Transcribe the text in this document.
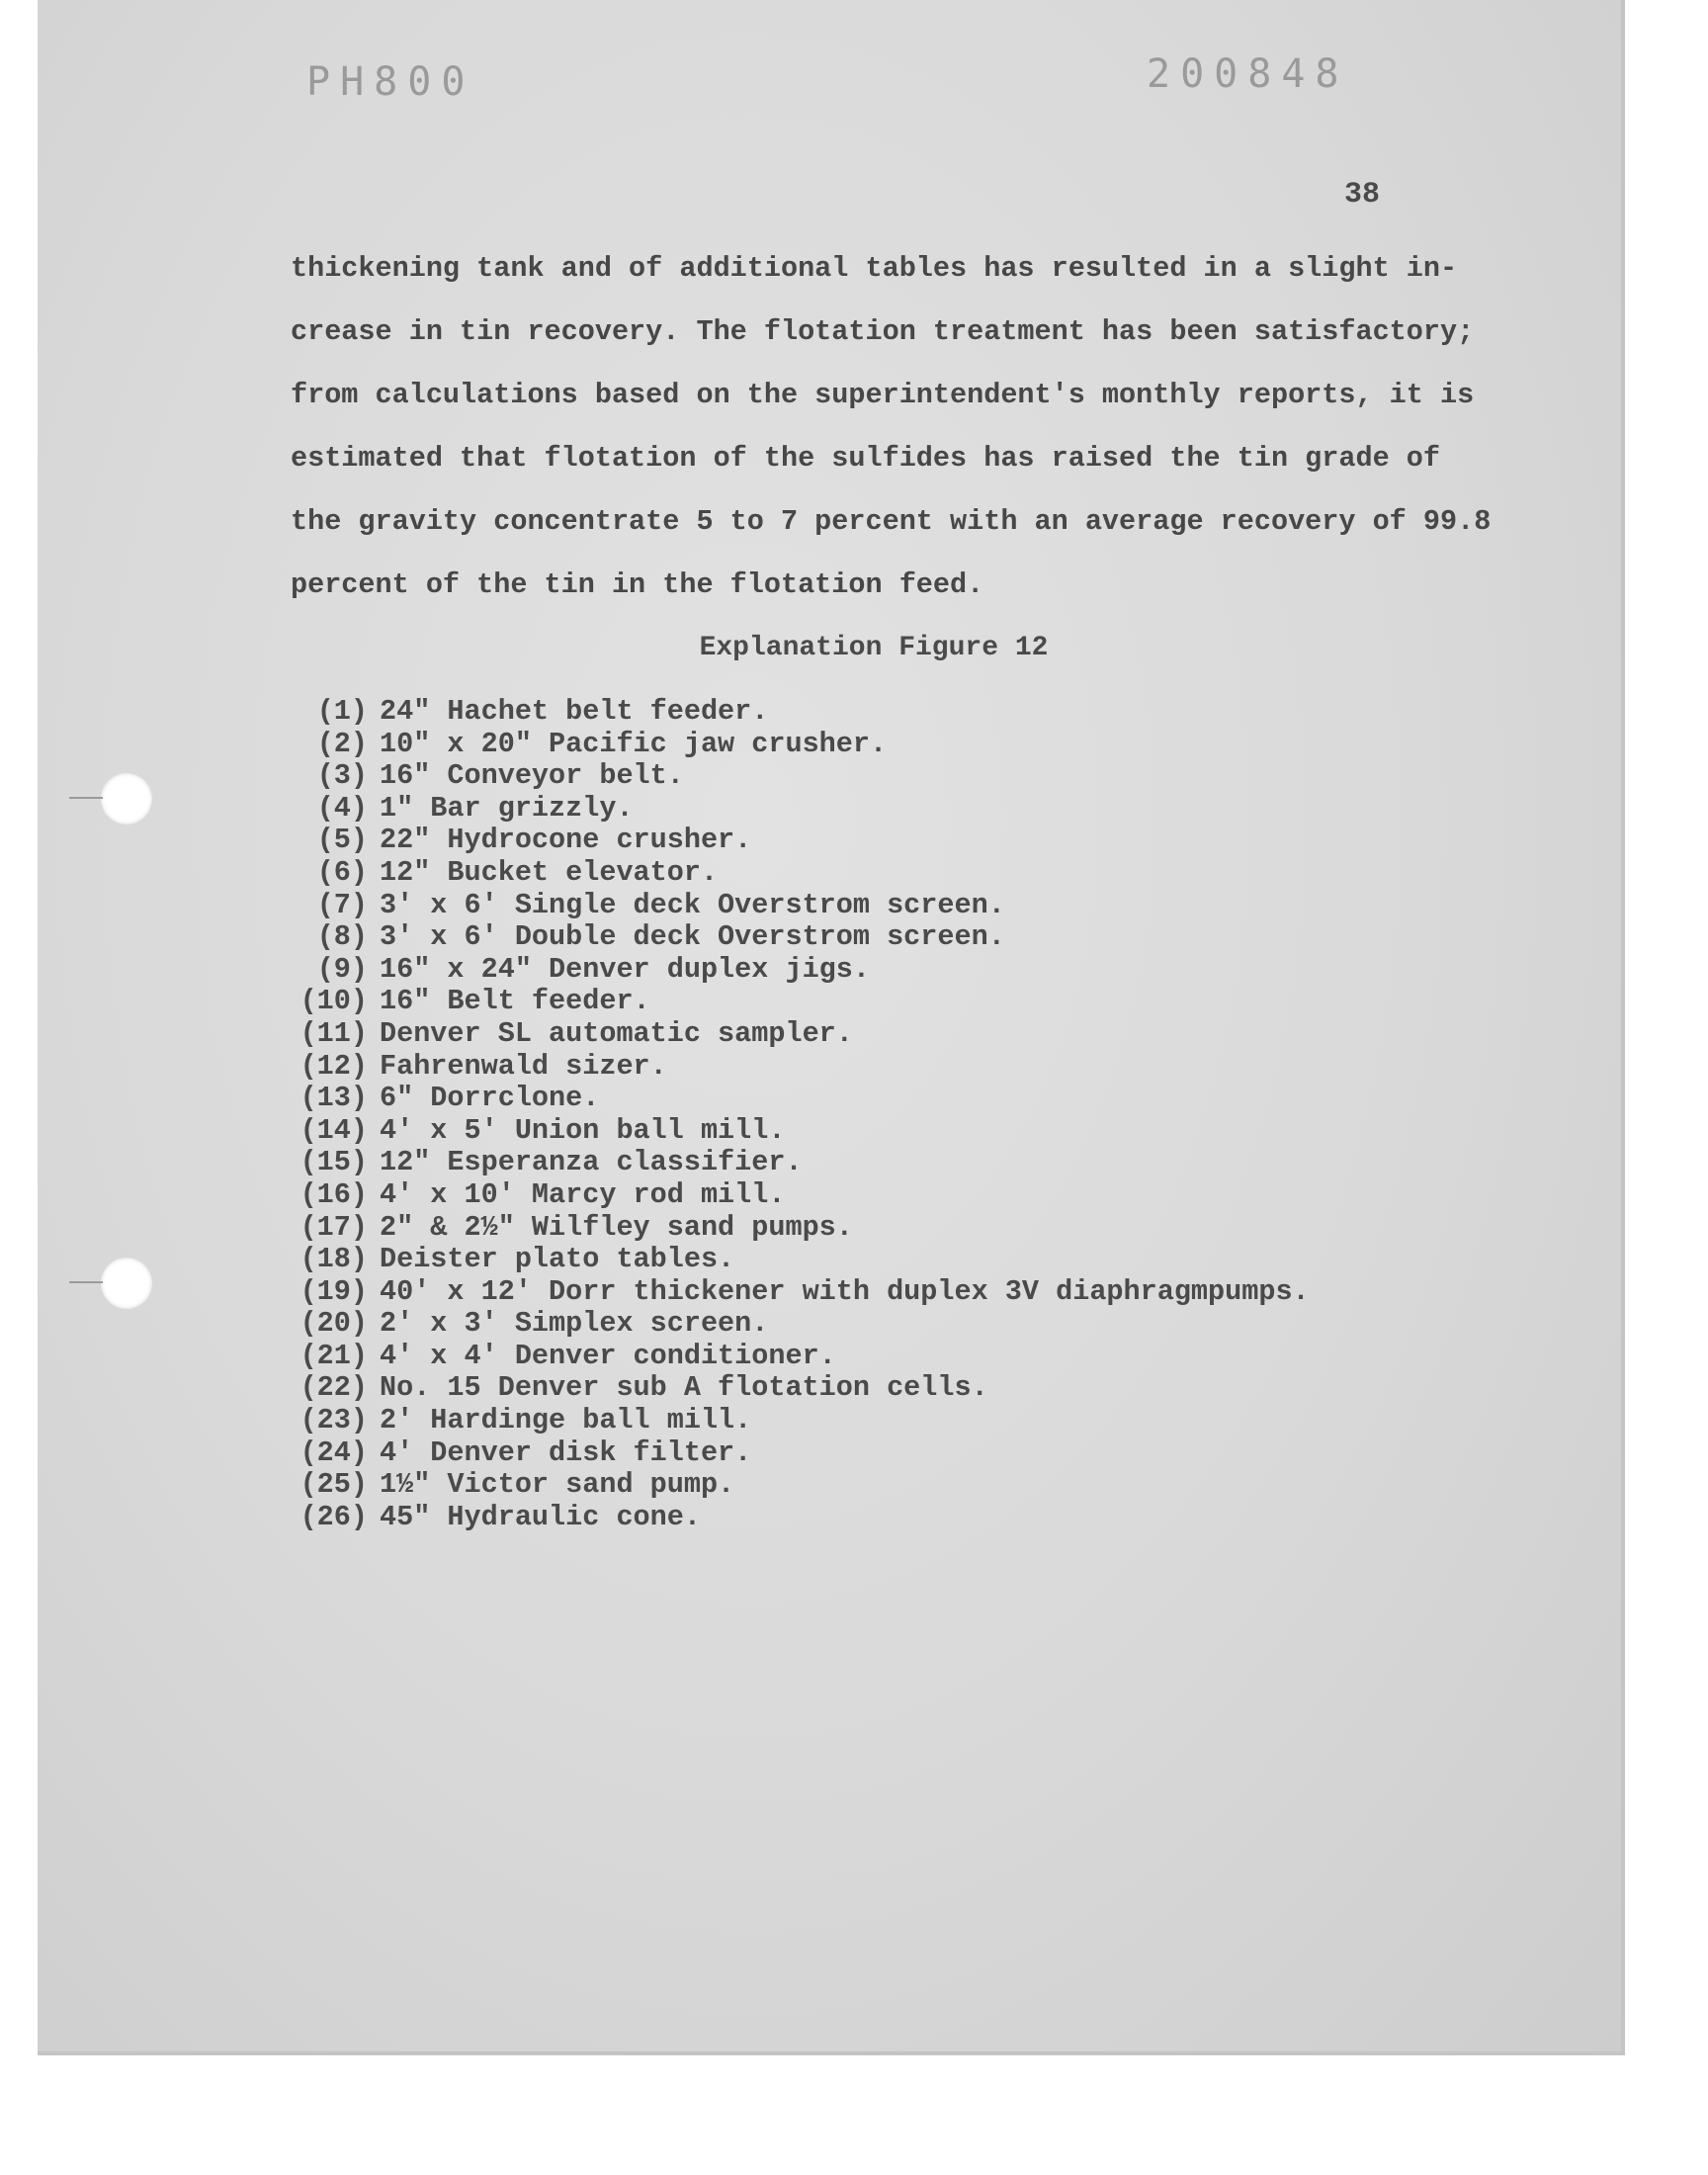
PH800	200848
38
thickening tank and of additional tables has resulted in a slight in-
crease in tin recovery. The flotation treatment has been satisfactory;
from calculations based on the superintendent's monthly reports, it is
estimated that flotation of the sulfides has raised the tin grade of
the gravity concentrate 5 to 7 percent with an average recovery of 99.8
percent of the tin in the flotation feed.
Explanation Figure 12
(1) 24" Hachet belt feeder.
(2) 10" x 20" Pacific jaw crusher.
(3) 16" Conveyor belt.
(4) 1" Bar grizzly.
(5) 22" Hydrocone crusher.
(6) 12" Bucket elevator.
(7) 3' x 6' Single deck Overstrom screen.
(8) 3' x 6' Double deck Overstrom screen.
(9) 16" x 24" Denver duplex jigs.
(10) 16" Belt feeder.
(11) Denver SL automatic sampler.
(12) Fahrenwald sizer.
(13) 6" Dorrclone.
(14) 4' x 5' Union ball mill.
(15) 12" Esperanza classifier.
(16) 4' x 10' Marcy rod mill.
(17) 2" & 2½" Wilfley sand pumps.
(18) Deister plato tables.
(19) 40' x 12' Dorr thickener with duplex 3V diaphragmpumps.
(20) 2' x 3' Simplex screen.
(21) 4' x 4' Denver conditioner.
(22) No. 15 Denver sub A flotation cells.
(23) 2' Hardinge ball mill.
(24) 4' Denver disk filter.
(25) 1½" Victor sand pump.
(26) 45" Hydraulic cone.
